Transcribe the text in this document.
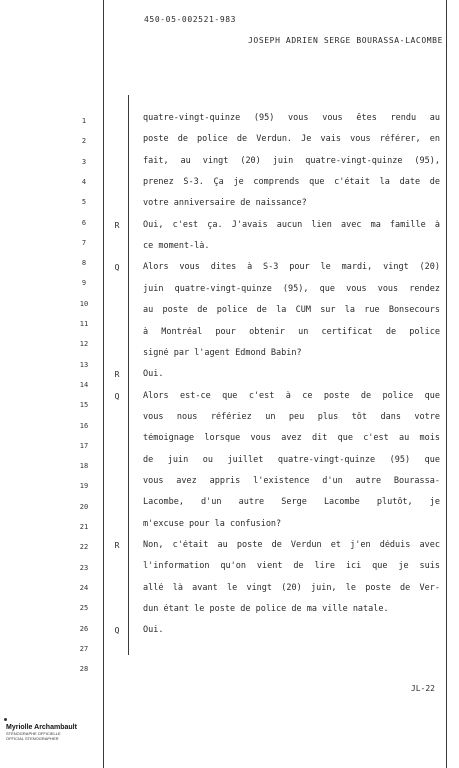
450-05-002521-983
JOSEPH ADRIEN SERGE BOURASSA-LACOMBE
1
2
3
4
5
6
7
8
9
10
11
12
13
14
15
16
17
18
19
20
21
22
23
24
25
26
27
28
quatre-vingt-quinze (95) vous vous êtes rendu au
poste de police de Verdun. Je vais vous référer, en
fait, au vingt (20) juin quatre-vingt-quinze (95),
prenez S-3. Ça je comprends que c'était la date de
votre anniversaire de naissance?
R	Oui, c'est ça. J'avais aucun lien avec ma famille à
ce moment-là.
Q	Alors vous dites à S-3 pour le mardi, vingt (20)
juin quatre-vingt-quinze (95), que vous vous rendez
au poste de police de la CUM sur la rue Bonsecours
à Montréal pour obtenir un certificat de police
signé par l'agent Edmond Babin?
R	Oui.
Q	Alors est-ce que c'est à ce poste de police que
vous nous référiez un peu plus tôt dans votre
témoignage lorsque vous avez dit que c'est au mois
de juin ou juillet quatre-vingt-quinze (95) que
vous avez appris l'existence d'un autre Bourassa-
Lacombe, d'un autre Serge Lacombe plutôt, je
m'excuse pour la confusion?
R	Non, c'était au poste de Verdun et j'en déduis avec
l'information qu'on vient de lire ici que je suis
allé là avant le vingt (20) juin, le poste de Ver-
dun étant le poste de police de ma ville natale.
Q	Oui.
JL-22
Myriolle Archambault
STÉNOGRAPHE OFFICIELLE
OFFICIAL STENOGRAPHER
